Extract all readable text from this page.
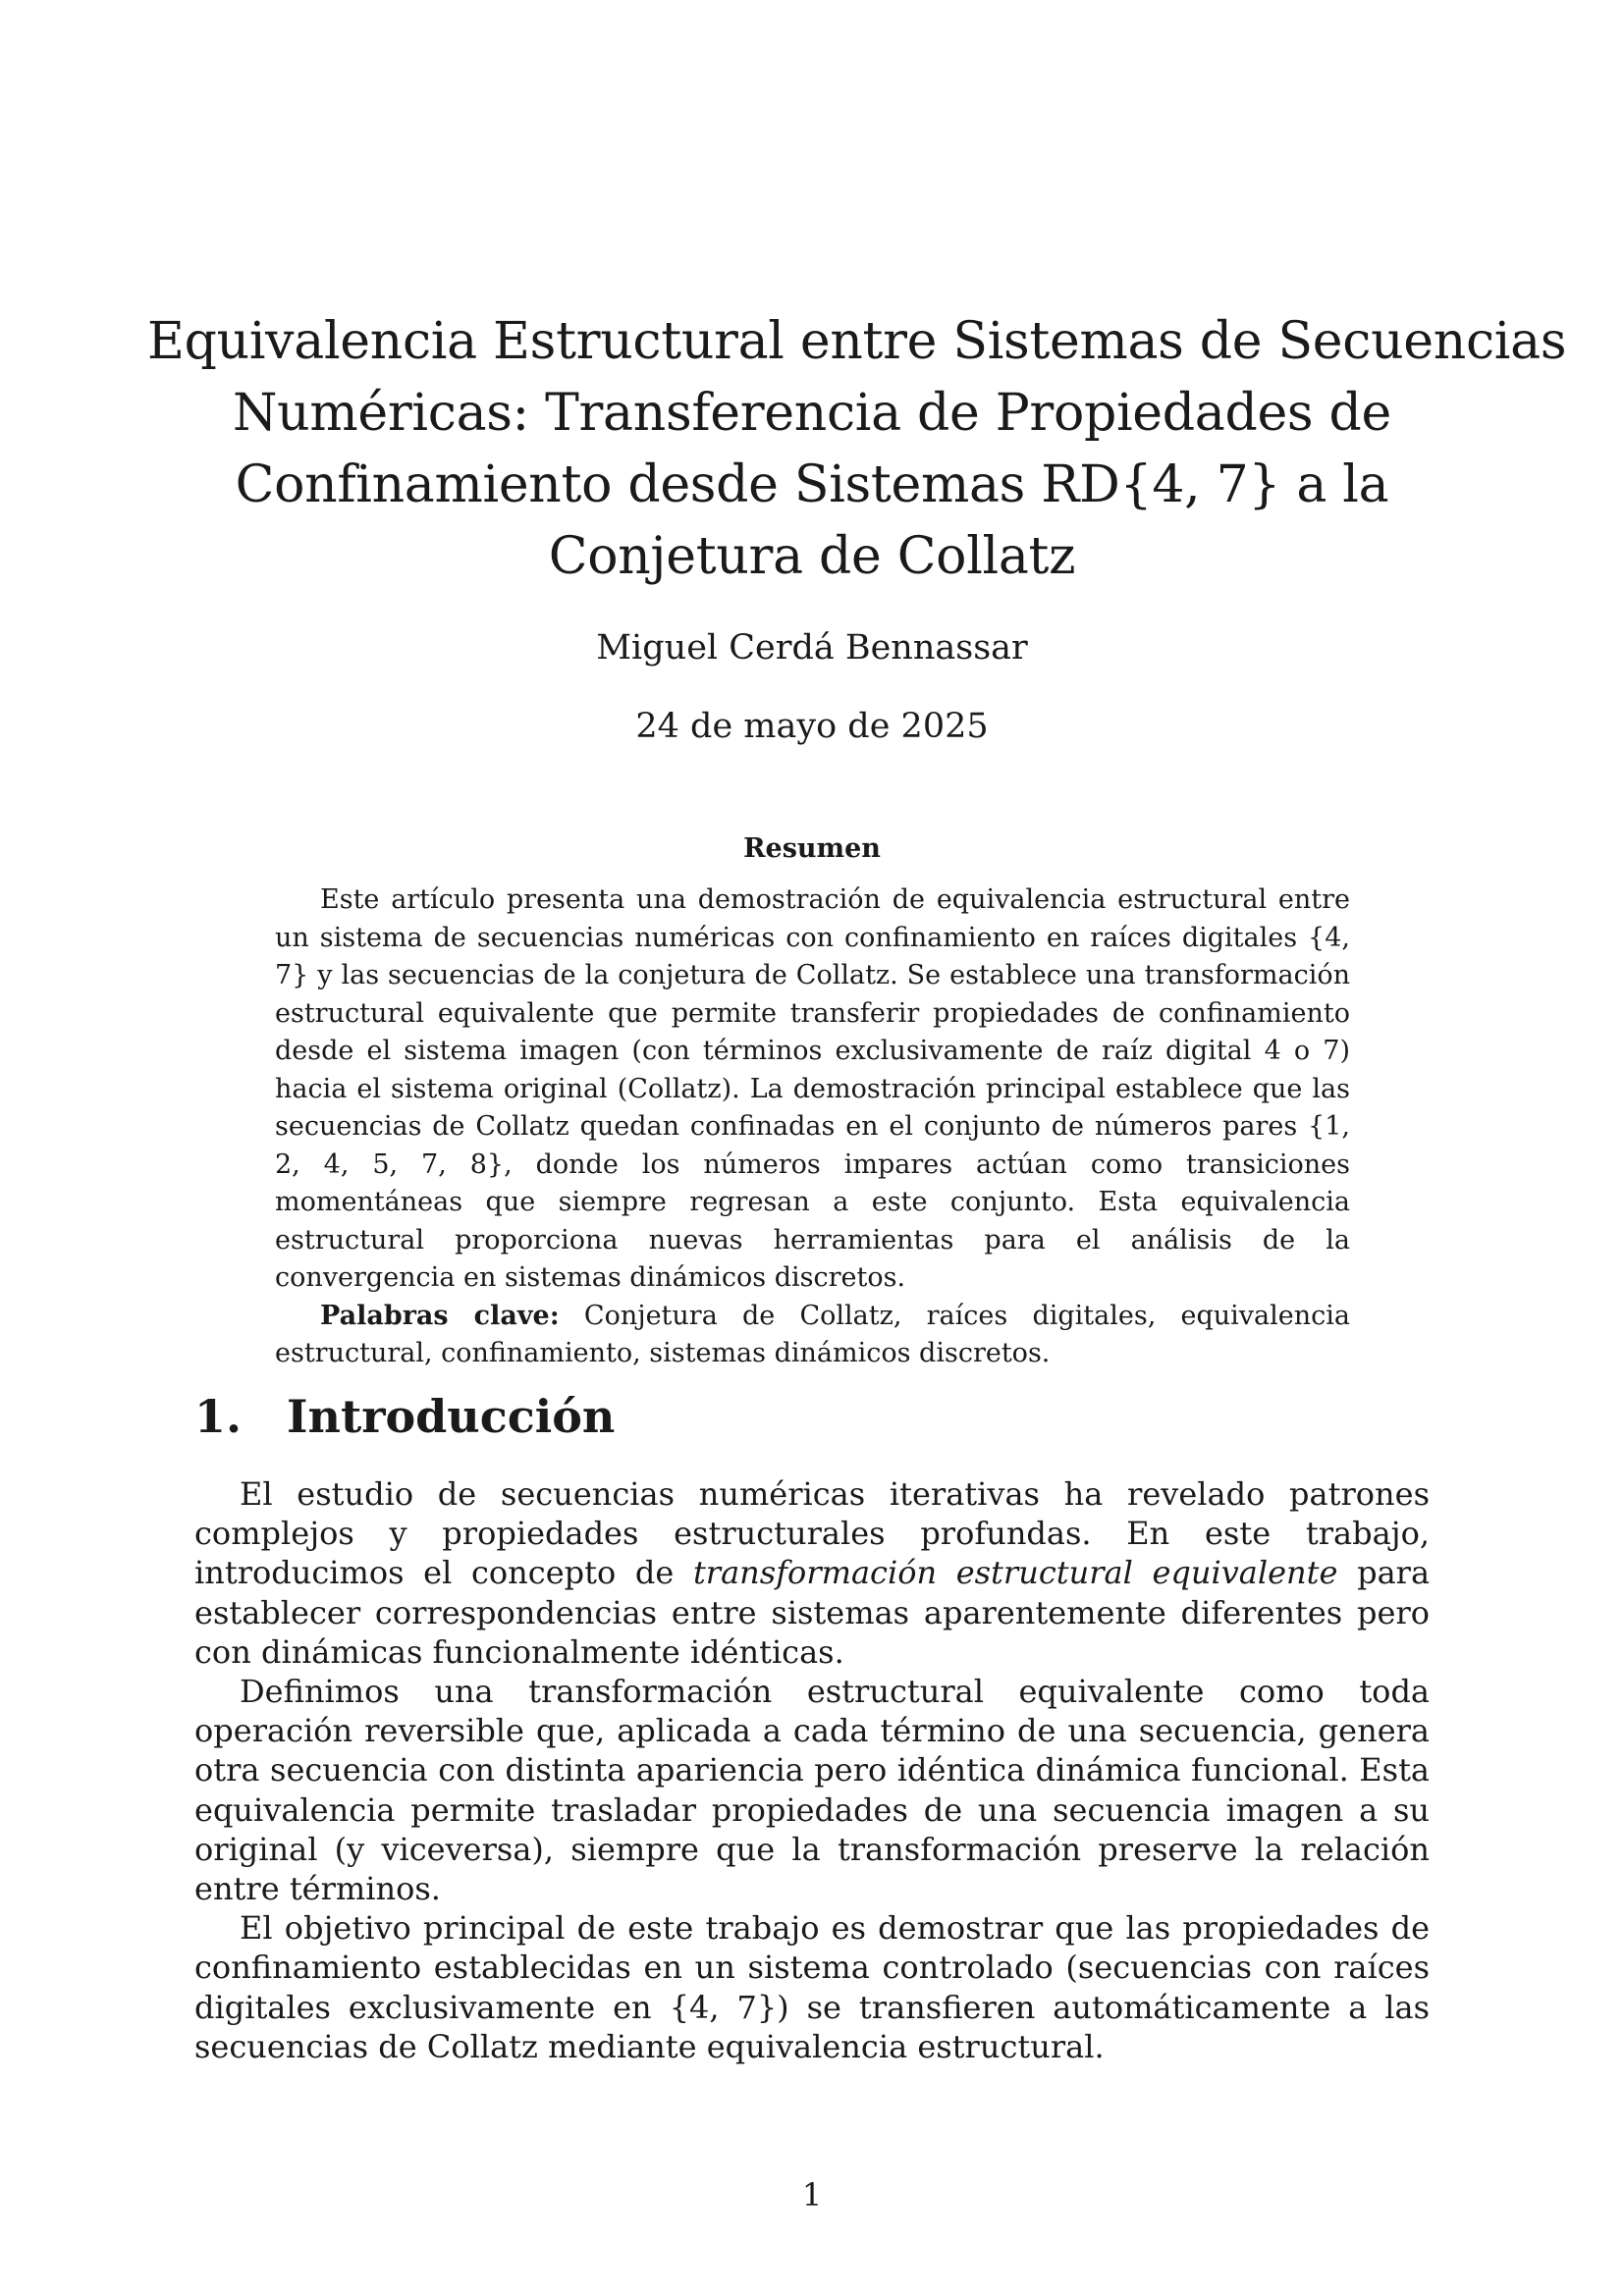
Equivalencia Estructural entre Sistemas de Secuencias
Numéricas: Transferencia de Propiedades de
Confinamiento desde Sistemas RD{4, 7} a la
Conjetura de Collatz
Miguel Cerdá Bennassar
24 de mayo de 2025
Resumen

Este artículo presenta una demostración de equivalencia estructural entre un sistema de secuencias numéricas con confinamiento en raíces digitales {4, 7} y las secuencias de la conjetura de Collatz. Se establece una transformación estructural equivalente que permite transferir propiedades de confinamiento desde el sistema imagen (con términos exclusivamente de raíz digital 4 o 7) hacia el sistema original (Collatz). La demostración principal establece que las secuencias de Collatz quedan confinadas en el conjunto de números pares {1, 2, 4, 5, 7, 8}, donde los números impares actúan como transiciones momentáneas que siempre regresan a este conjunto. Esta equivalencia estructural proporciona nuevas herramientas para el análisis de la convergencia en sistemas dinámicos discretos.

Palabras clave: Conjetura de Collatz, raíces digitales, equivalencia estructural, confinamiento, sistemas dinámicos discretos.

1. Introducción

El estudio de secuencias numéricas iterativas ha revelado patrones complejos y propiedades estructurales profundas. En este trabajo, introducimos el concepto de transformación estructural equivalente para establecer correspondencias entre sistemas aparentemente diferentes pero con dinámicas funcionalmente idénticas.

Definimos una transformación estructural equivalente como toda operación reversible que, aplicada a cada término de una secuencia, genera otra secuencia con distinta apariencia pero idéntica dinámica funcional. Esta equivalencia permite trasladar propiedades de una secuencia imagen a su original (y viceversa), siempre que la transformación preserve la relación entre términos.

El objetivo principal de este trabajo es demostrar que las propiedades de confinamiento establecidas en un sistema controlado (secuencias con raíces digitales exclusivamente en {4, 7}) se transfieren automáticamente a las secuencias de Collatz mediante equivalencia estructural.

1
